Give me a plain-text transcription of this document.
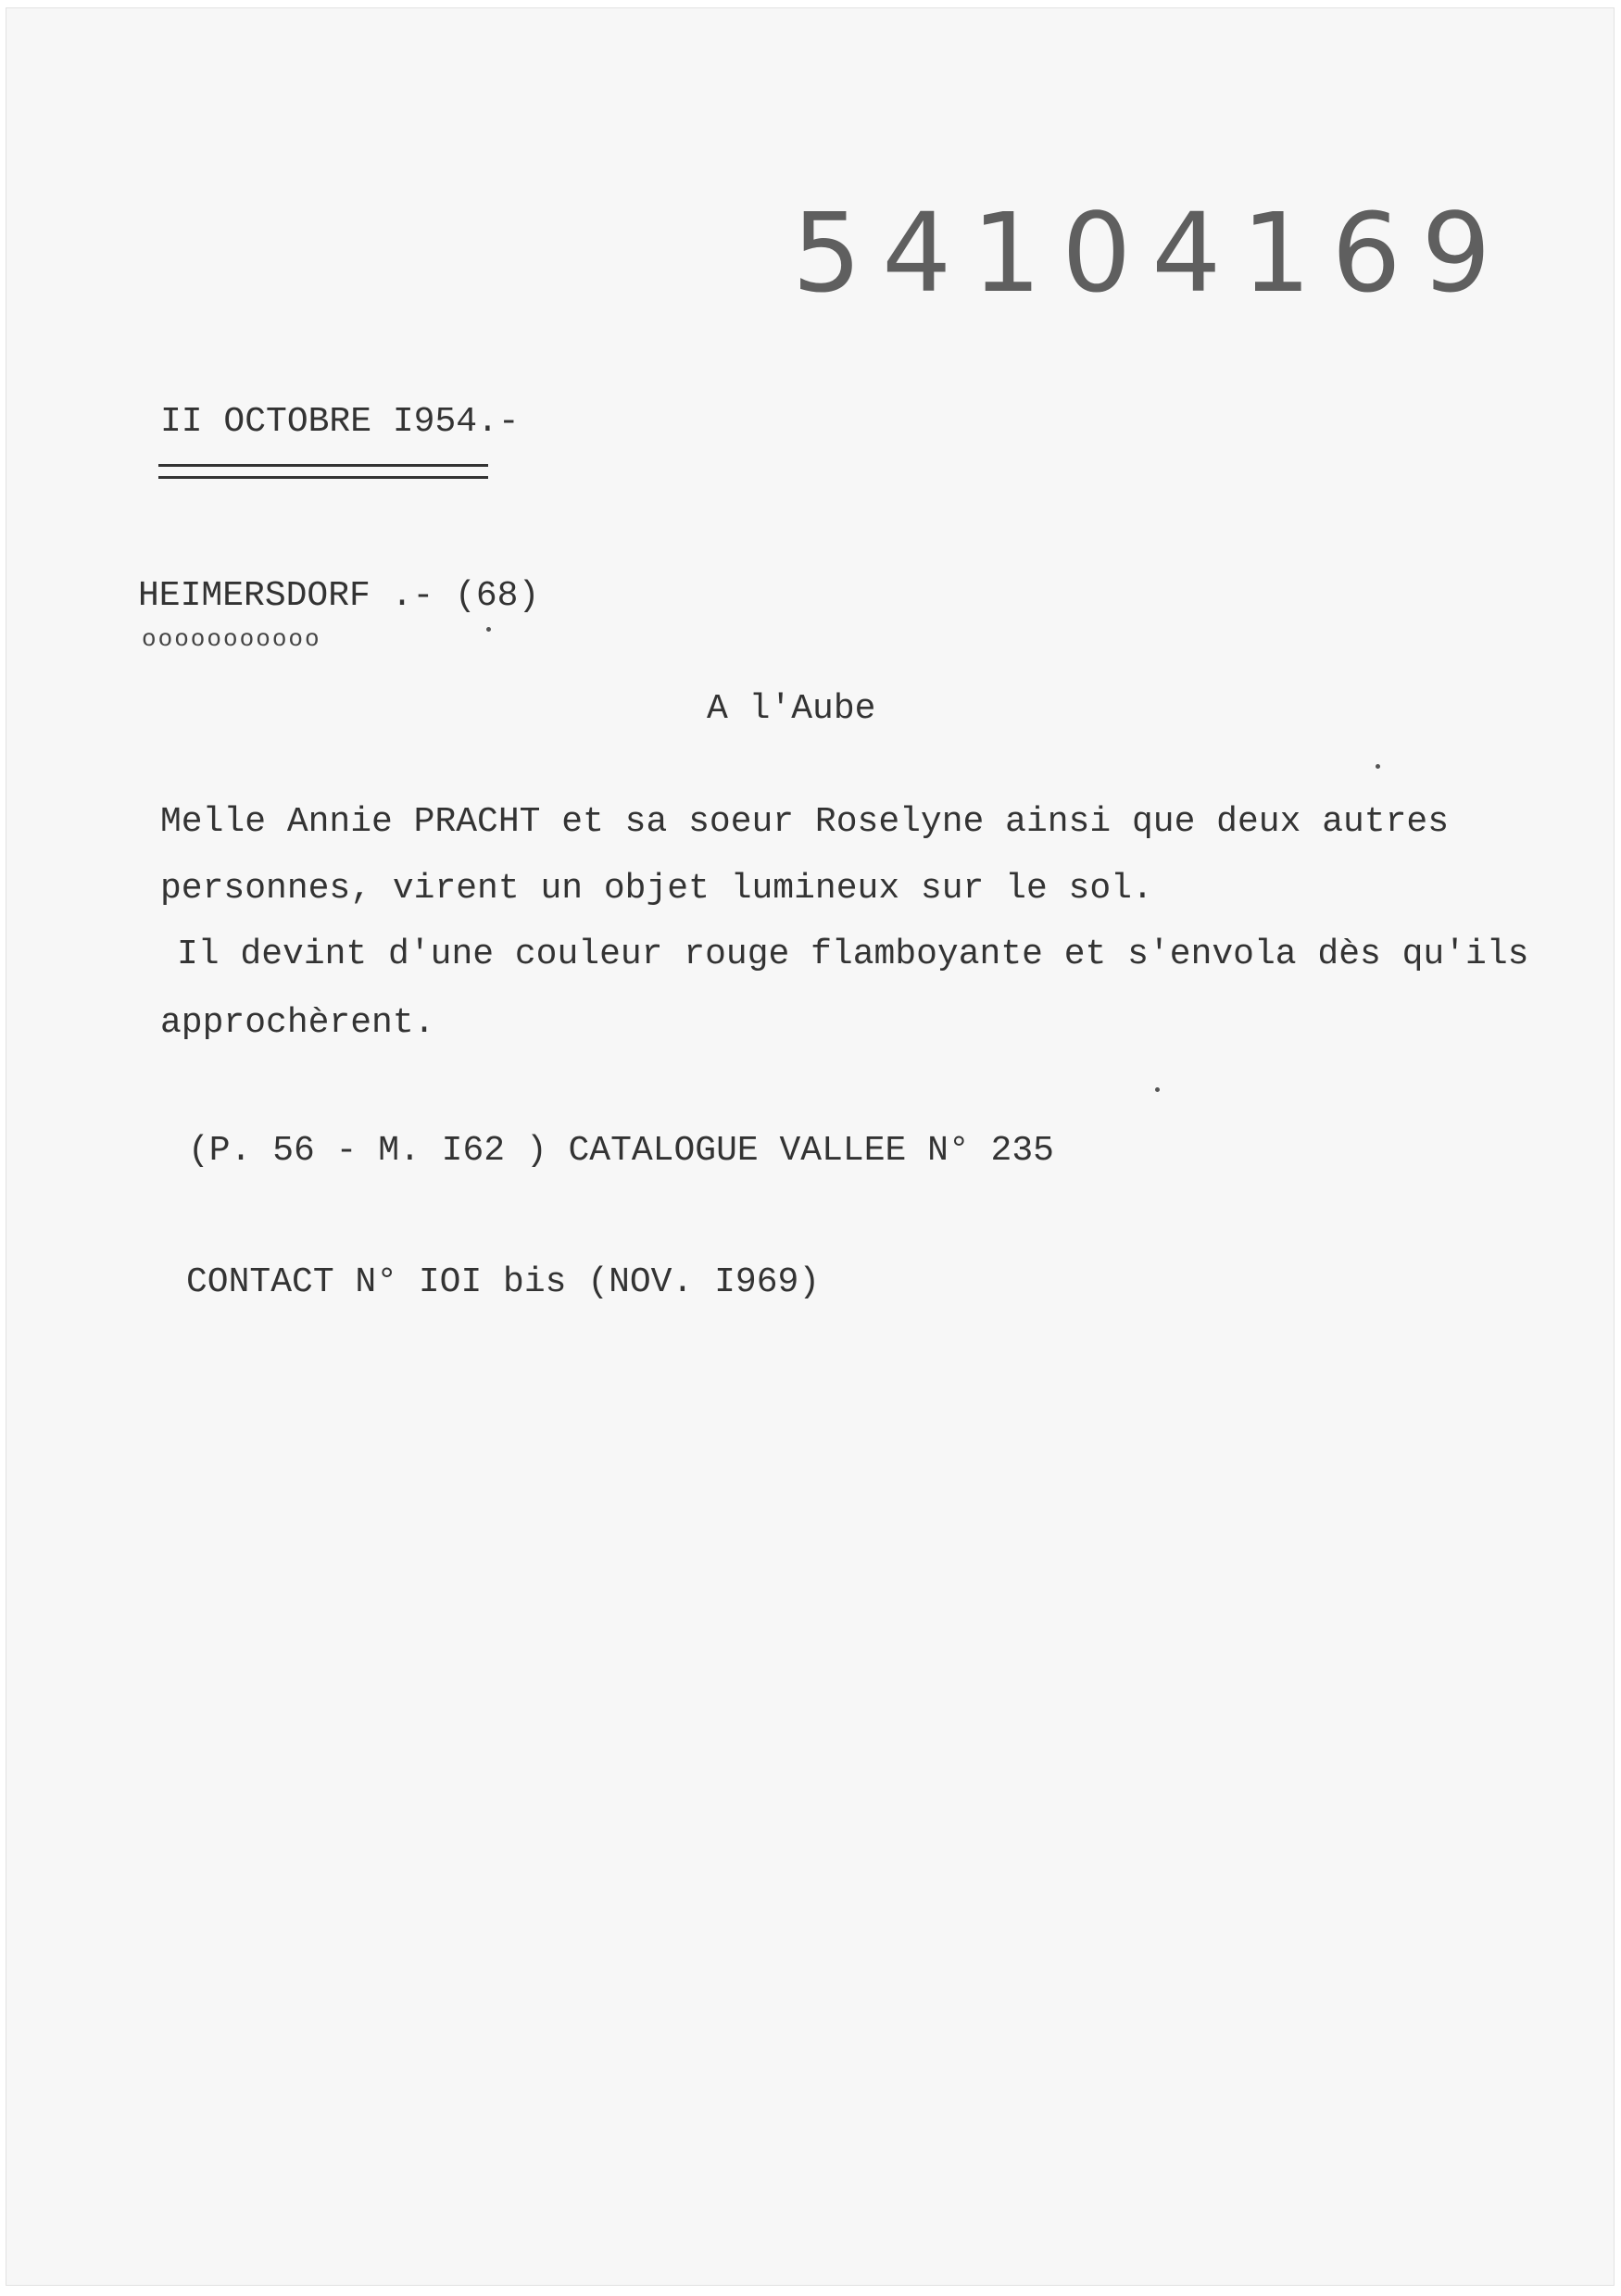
54104169
II OCTOBRE I954.-
HEIMERSDORF .- (68)
ooooooooooo
A l'Aube
Melle Annie PRACHT et sa soeur Roselyne ainsi que deux autres
personnes, virent un objet lumineux sur le sol.
Il devint d'une couleur rouge flamboyante et s'envola dès qu'ils
approchèrent.
(P. 56 - M. I62 ) CATALOGUE VALLEE N° 235
CONTACT N° IOI bis (NOV. I969)
